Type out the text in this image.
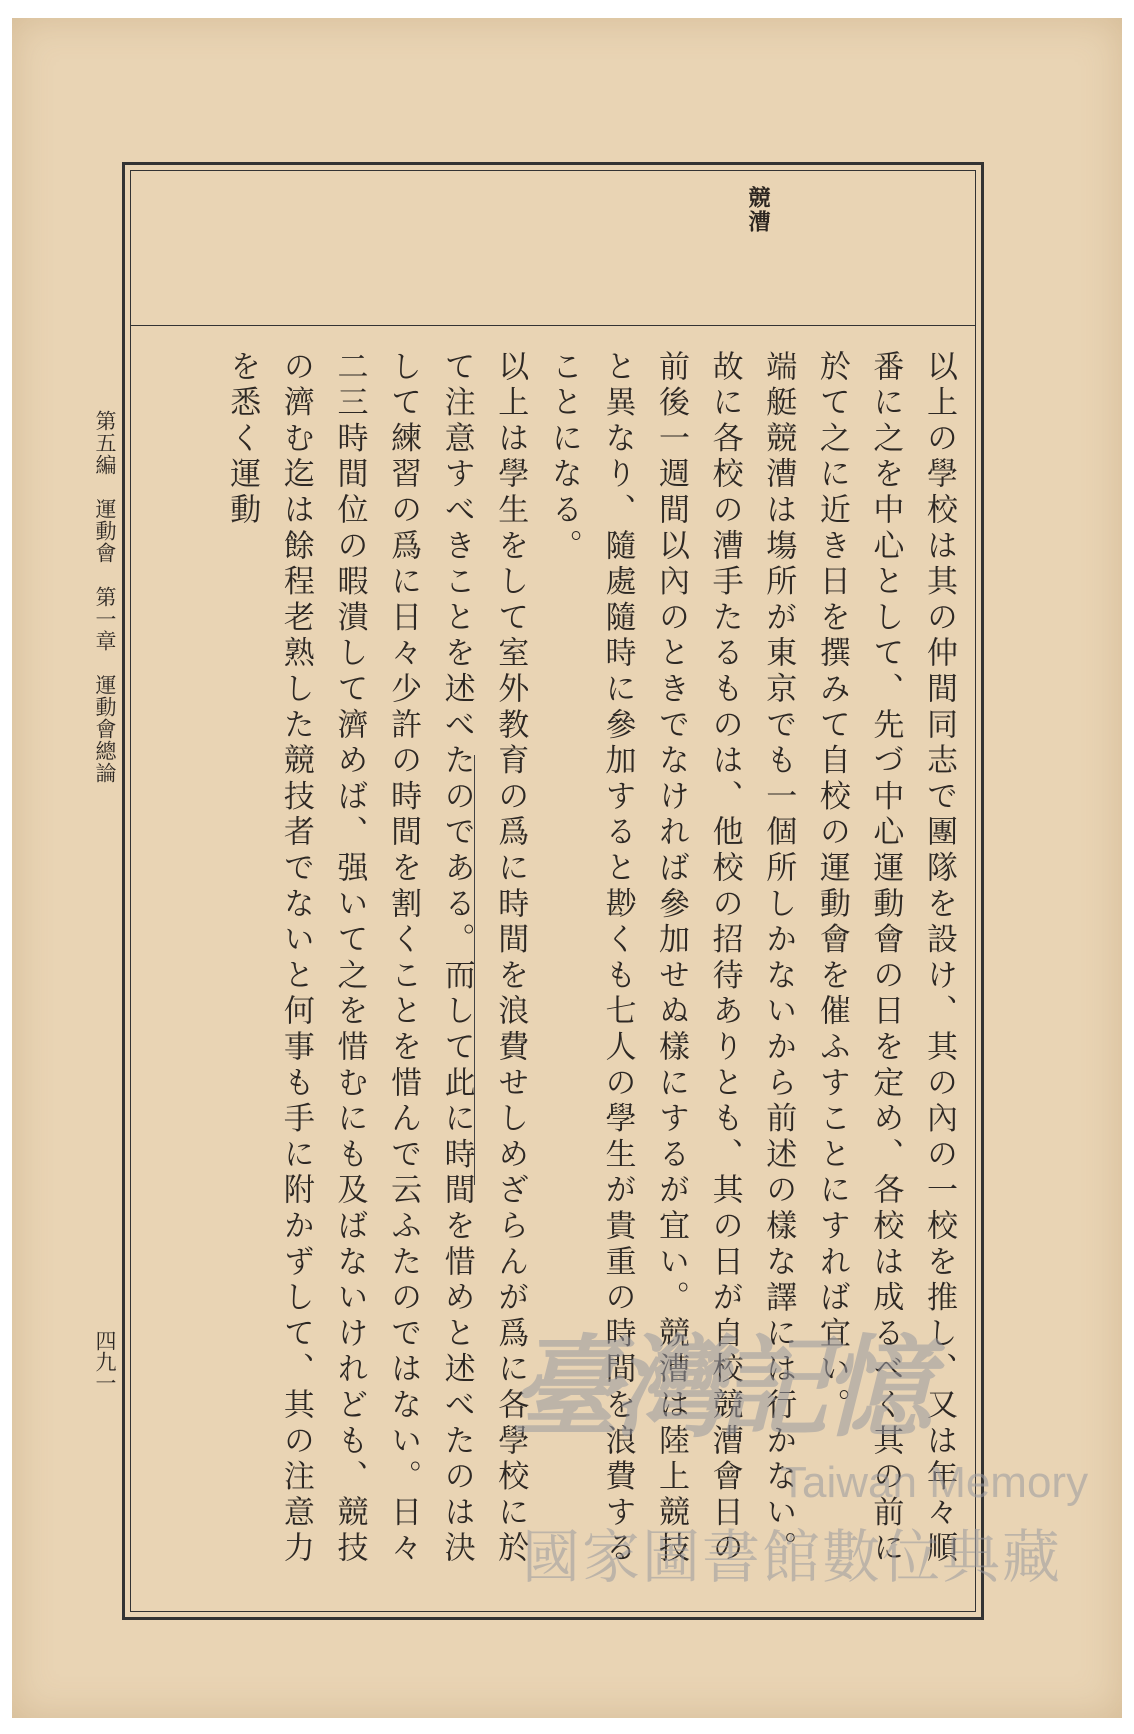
競漕

以上の學校は其の仲間同志で團隊を設け、其の內の一校を推し、又は年々順番に之を中心として、先づ中心運動會の日を定め、各校は成るべく其の前に於て之に近き日を撰みて自校の運動會を催ふすことにすれば宜い。

端艇競漕は塲所が東京でも一個所しかないから前述の樣な譯には行かない。故に各校の漕手たるものは、他校の招待ありとも、其の日が自校競漕會日の前後一週間以內のときでなければ參加せぬ樣にするが宜い。競漕は陸上競技と異なり、隨處隨時に參加すると尠くも七人の學生が貴重の時間を浪費することになる。

以上は學生をして室外教育の爲に時間を浪費せしめざらんが爲に各學校に於て注意すべきことを述べたのである。而して此に時間を惜めと述べたのは決して練習の爲に日々少許の時間を割くことを惜んで云ふたのではない。日々二三時間位の暇潰して濟めば、强いて之を惜むにも及ばないけれども、競技の濟む迄は餘程老熟した競技者でないと何事も手に附かずして、其の注意力を悉く運動

第五編　運動會　第一章　運動會總論
四九一	臺灣記憶
Taiwan Memory
國家圖書館數位典藏
